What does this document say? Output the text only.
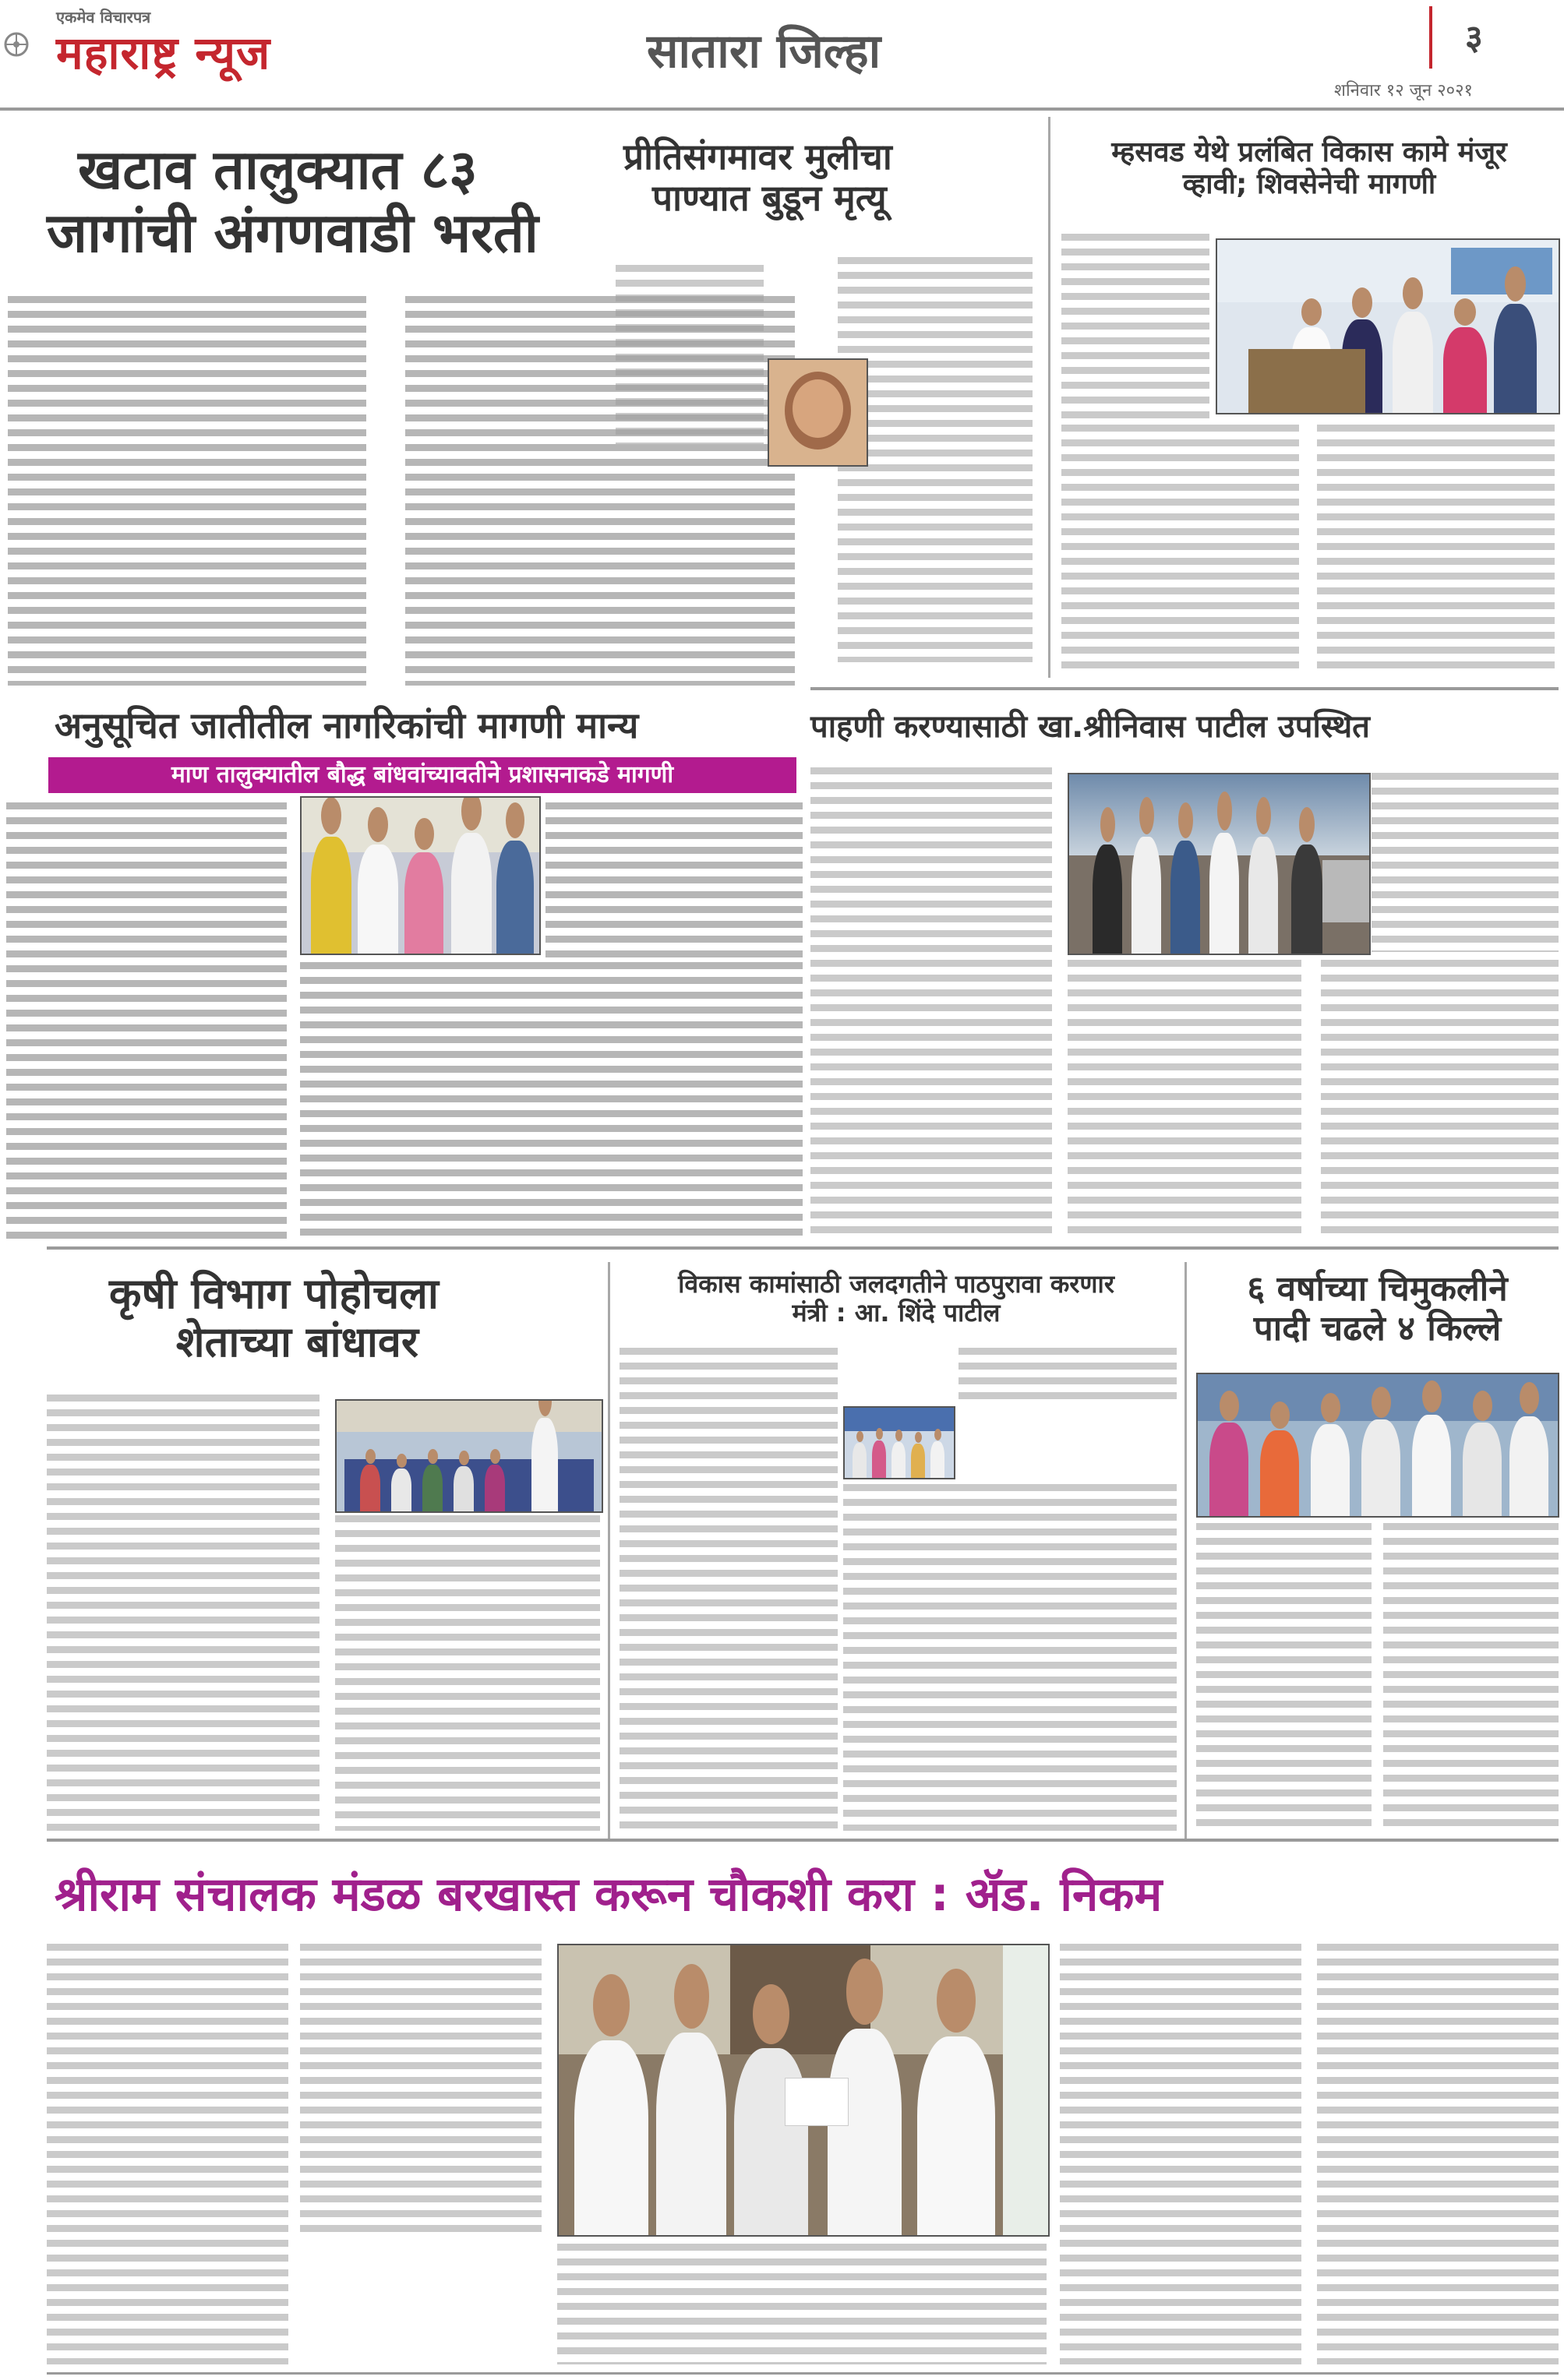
एकमेव विचारपत्र
महाराष्ट्र न्यूज	सातारा जिल्हा	३
शनिवार १२ जून २०२१
खटाव तालुक्यात ८३
जागांची अंगणवाडी भरती
प्रीतिसंगमावर मुलीचा
पाण्यात बुडून मृत्यू
म्हसवड येथे प्रलंबित विकास कामे मंजूर
व्हावी; शिवसेनेची मागणी
अनुसूचित जातीतील नागरिकांची मागणी मान्य
माण तालुक्यातील बौद्ध बांधवांच्यावतीने प्रशासनाकडे मागणी
पाहणी करण्यासाठी खा.श्रीनिवास पाटील उपस्थित
कृषी विभाग पोहोचला
शेताच्या बांधावर
विकास कामांसाठी जलदगतीने पाठपुरावा करणार
मंत्री : आ. शिंदे पाटील
६ वर्षाच्या चिमुकलीने
पादी चढले ४ किल्ले
श्रीराम संचालक मंडळ बरखास्त करून चौकशी करा : ॲड. निकम
